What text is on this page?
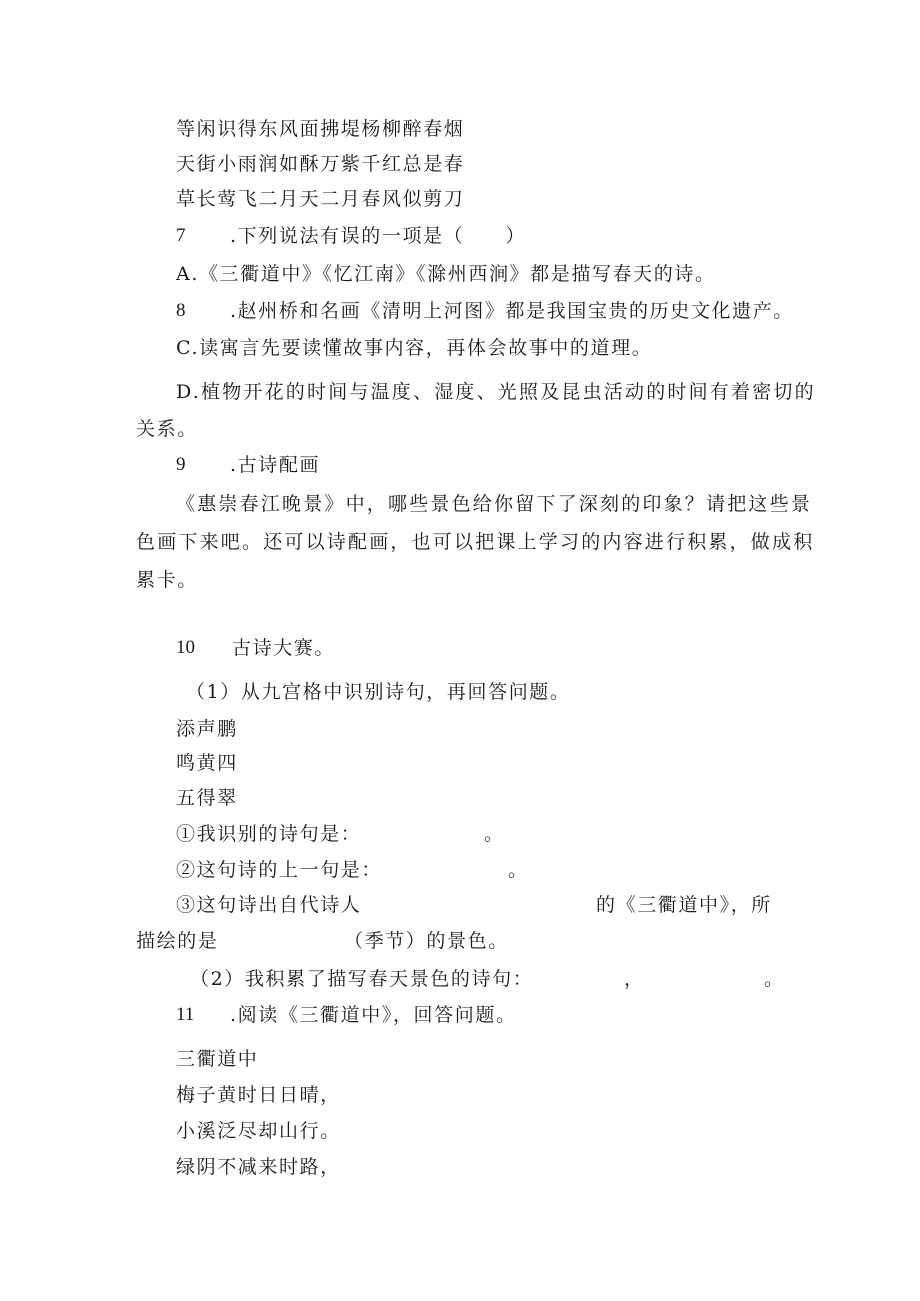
等闲识得东风面拂堤杨柳醉春烟
天街小雨润如酥万紫千红总是春
草长莺飞二月天二月春风似剪刀
7 .下列说法有误的一项是（　　）
A.《三衢道中》《忆江南》《滁州西涧》都是描写春天的诗。
8 .赵州桥和名画《清明上河图》都是我国宝贵的历史文化遗产。
C.读寓言先要读懂故事内容，再体会故事中的道理。
D.植物开花的时间与温度、湿度、光照及昆虫活动的时间有着密切的
关系。
9 .古诗配画
《惠崇春江晚景》中，哪些景色给你留下了深刻的印象？请把这些景
色画下来吧。还可以诗配画，也可以把课上学习的内容进行积累，做成积
累卡。
10 古诗大赛。
（1）从九宫格中识别诗句，再回答问题。
添声鹏
鸣黄四
五得翠
①我识别的诗句是：	。
②这句诗的上一句是：	。
③这句诗出自代诗人	的《三衢道中》，所
描绘的是	（季节）的景色。
（2）我积累了描写春天景色的诗句：	，	。
11 .阅读《三衢道中》，回答问题。
三衢道中
梅子黄时日日晴，
小溪泛尽却山行。
绿阴不减来时路，
